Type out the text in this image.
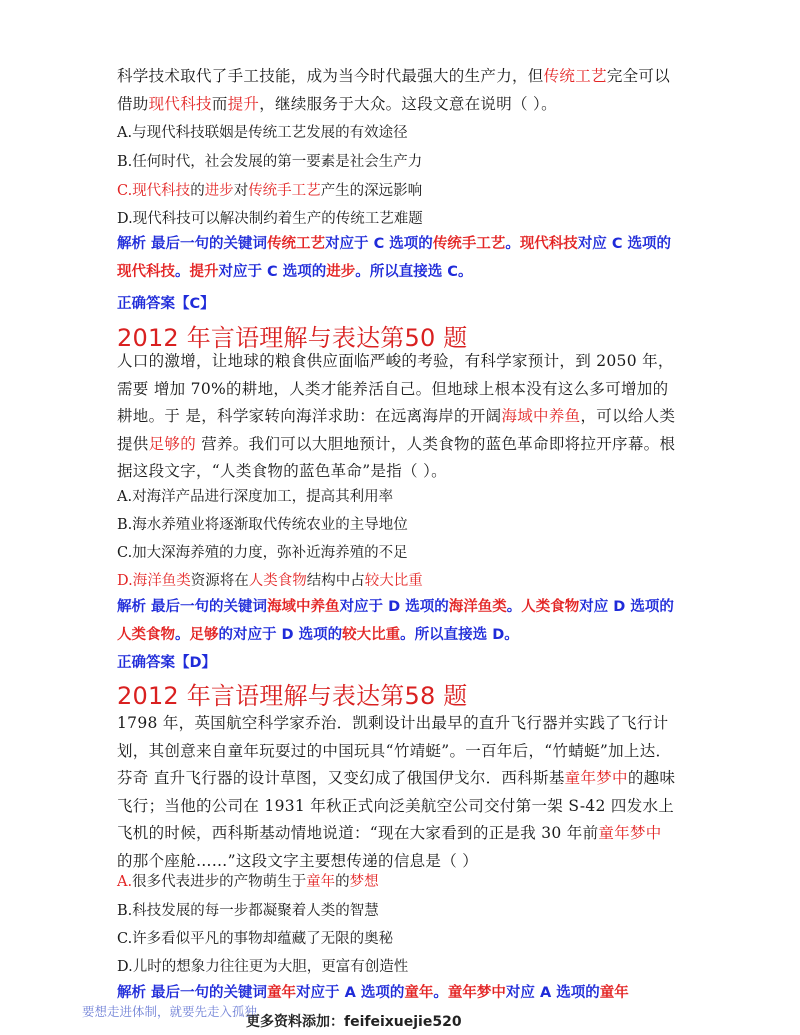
科学技术取代了手工技能，成为当今时代最强大的生产力，但传统工艺完全可以借助现代科技而提升，继续服务于大众。这段文意在说明（ ）。
A.与现代科技联姻是传统工艺发展的有效途径
B.任何时代，社会发展的第一要素是社会生产力
C.现代科技的进步对传统手工艺产生的深远影响
D.现代科技可以解决制约着生产的传统工艺难题
解析 最后一句的关键词传统工艺对应于 C 选项的传统手工艺。现代科技对应 C 选项的 现代科技。提升对应于 C 选项的进步。所以直接选 C。
正确答案【C】
2012 年言语理解与表达第50 题
人口的激增，让地球的粮食供应面临严峻的考验，有科学家预计，到 2050 年，需要 增加 70%的耕地，人类才能养活自己。但地球上根本没有这么多可增加的耕地。于 是，科学家转向海洋求助：在远离海岸的开阔海域中养鱼，可以给人类提供足够的 营养。我们可以大胆地预计，人类食物的蓝色革命即将拉开序幕。根据这段文字，“人类食物的蓝色革命”是指（ ）。
A.对海洋产品进行深度加工，提高其利用率
B.海水养殖业将逐渐取代传统农业的主导地位
C.加大深海养殖的力度，弥补近海养殖的不足
D.海洋鱼类资源将在人类食物结构中占较大比重
解析 最后一句的关键词海域中养鱼对应于 D 选项的海洋鱼类。人类食物对应 D 选项的 人类食物。足够的对应于 D 选项的较大比重。所以直接选 D。
正确答案【D】
2012 年言语理解与表达第58 题
1798 年，英国航空科学家乔治．凯剩设计出最早的直升飞行器并实践了飞行计划，其创意来自童年玩耍过的中国玩具“竹靖蜓”。一百年后，“竹蜻蜓”加上达．芬奇 直升飞行器的设计草图，又变幻成了俄国伊戈尔．西科斯基童年梦中的趣味飞行；当他的公司在 1931 年秋正式向泛美航空公司交付第一架 S-42 四发水上飞机的时候，西科斯基动情地说道：“现在大家看到的正是我 30 年前童年梦中的那个座舱……”这段文字主要想传递的信息是（ ）
A.很多代表进步的产物萌生于童年的梦想
B.科技发展的每一步都凝聚着人类的智慧
C.许多看似平凡的事物却蕴藏了无限的奥秘
D.儿时的想象力往往更为大胆，更富有创造性
解析 最后一句的关键词童年对应于 A 选项的童年。童年梦中对应 A 选项的童年
要想走进体制，就要先走入孤独
更多资料添加：feifeixuejie520
